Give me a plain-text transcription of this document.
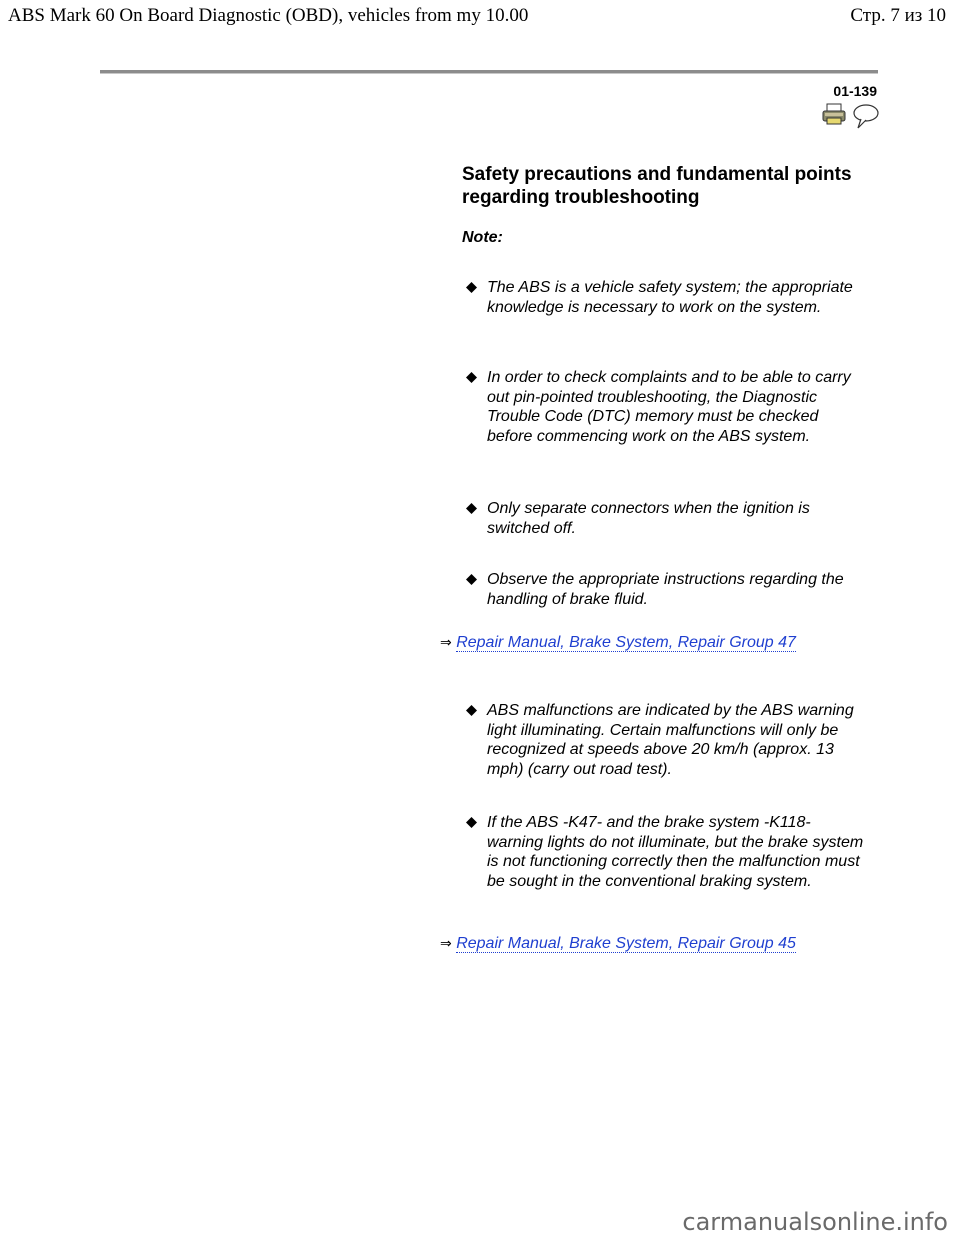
ABS Mark 60 On Board Diagnostic (OBD), vehicles from my 10.00	Стр. 7 из 10
01-139
Safety precautions and fundamental points regarding troubleshooting
Note:
The ABS is a vehicle safety system; the appropriate knowledge is necessary to work on the system.
In order to check complaints and to be able to carry out pin-pointed troubleshooting, the Diagnostic Trouble Code (DTC) memory must be checked before commencing work on the ABS system.
Only separate connectors when the ignition is switched off.
Observe the appropriate instructions regarding the handling of brake fluid.
⇒ Repair Manual, Brake System, Repair Group 47
ABS malfunctions are indicated by the ABS warning light illuminating. Certain malfunctions will only be recognized at speeds above 20 km/h (approx. 13 mph) (carry out road test).
If the ABS -K47- and the brake system -K118- warning lights do not illuminate, but the brake system is not functioning correctly then the malfunction must be sought in the conventional braking system.
⇒ Repair Manual, Brake System, Repair Group 45
carmanualsonline.info
